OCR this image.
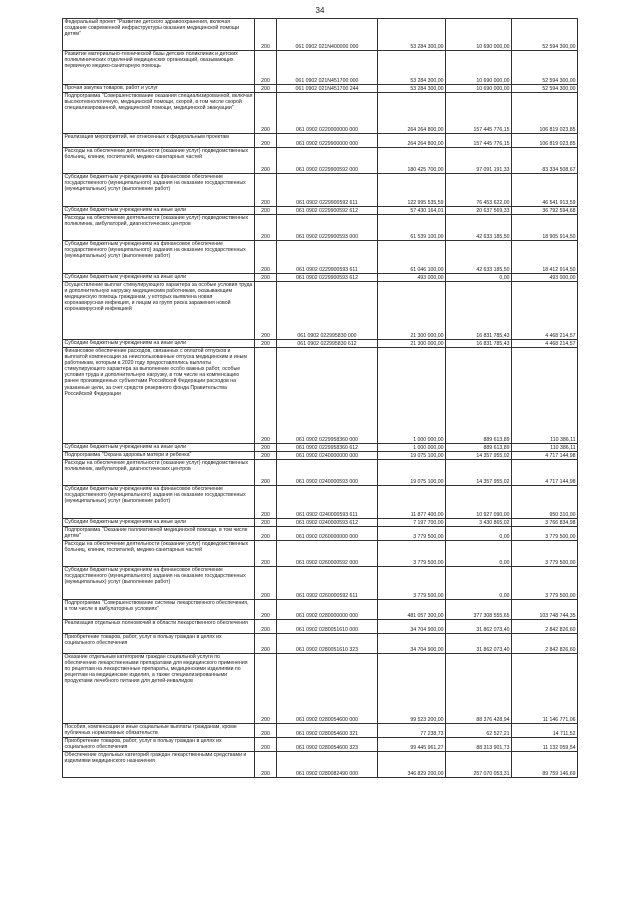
34
Федеральный проект "Развитие детского здравоохранения, включая создание современной инфраструктуры оказания медицинской помощи детям"	200	061 0902 021N400000 000	53 284 300,00	10 690 000,00	52 594 300,00
Развитие материально-технической базы детских поликлиник и детских поликлинических отделений медицинских организаций, оказывающих первичную медико-санитарную помощь	200	061 0902 021N451700 000	53 284 300,00	10 690 000,00	52 594 300,00
Прочая закупка товаров, работ и услуг	200	061 0902 021N451700 244	53 284 300,00	10 690 000,00	52 594 300,00
Подпрограмма "Совершенствование оказания специализированной, включая высокотехнологичную, медицинской помощи, скорой, в том числе скорой специализированной, медицинской помощи, медицинской эвакуации"	200	061 0902 0220000000 000	264 264 800,00	157 445 776,15	106 819 023,85
Реализация мероприятий, не отнесенных к федеральным проектам	200	061 0902 0229900000 000	264 264 800,00	157 445 776,15	106 819 023,85
Расходы на обеспечение деятельности (оказание услуг) подведомственных больниц, клиник, госпиталей, медико-санитарных частей	200	061 0902 0229900592 000	180 425 700,00	97 091 191,33	83 334 508,67
Субсидии бюджетным учреждениям на финансовое обеспечение государственного (муниципального) задания на оказание государственных (муниципальных) услуг (выполнение работ)	200	061 0902 0229900592 611	122 995 535,59	76 453 622,00	46 541 913,59
Субсидии бюджетным учреждениям на иные цели	200	061 0902 0229900592 612	57 430 164,01	20 637 569,33	36 792 594,68
Расходы на обеспечение деятельности (оказание услуг) подведомственных поликлиник, амбулаторий, диагностических центров	200	061 0902 0229900593 000	61 539 100,00	42 633 185,50	18 905 914,50
Субсидии бюджетным учреждениям на финансовое обеспечение государственного (муниципального) задания на оказание государственных (муниципальных) услуг (выполнение работ)	200	061 0902 0229900593 611	61 046 100,00	42 633 185,50	18 412 914,50
Субсидии бюджетным учреждениям на иные цели	200	061 0902 0229900593 612	493 000,00	0,00	493 000,00
Осуществление выплат стимулирующего характера за особые условия труда и дополнительную нагрузку медицинским работникам, оказывающим медицинскую помощь гражданам, у которых выявлена новая коронавирусная инфекция, и лицам из групп риска заражения новой коронавирусной инфекцией	200	061 0902 022995830 000	21 300 000,00	16 831 785,43	4 468 214,57
Субсидии бюджетным учреждениям на иные цели	200	061 0902 022995830 612	21 300 000,00	16 831 785,43	4 468 214,57
Финансовое обеспечение расходов, связанных с оплатой отпусков и выплатой компенсации за неиспользованные отпуска медицинским и иным работникам, которым в 2020 году предоставлялись выплаты стимулирующего характера за выполнение особо важных работ, особые условия труда и дополнительную нагрузку, в том числе на компенсацию ранее произведенных субъектами Российской Федерации расходов на указанные цели, за счет средств резервного фонда Правительства Российской Федерации	200	061 0902 0229958360 000	1 000 000,00	889 613,89	110 386,11
Субсидии бюджетным учреждениям на иные цели	200	061 0902 0229958360 612	1 000 000,00	889 613,89	110 386,11
Подпрограмма "Охрана здоровья матери и ребенка"	200	061 0902 0240000000 000	19 075 100,00	14 357 955,02	4 717 144,98
Расходы на обеспечение деятельности (оказание услуг) подведомственных поликлиник, амбулаторий, диагностических центров	200	061 0902 0240000593 000	19 075 100,00	14 357 955,02	4 717 144,98
Субсидии бюджетным учреждениям на финансовое обеспечение государственного (муниципального) задания на оказание государственных (муниципальных) услуг (выполнение работ)	200	061 0902 0240000593 611	11 877 400,00	10 927 090,00	950 310,00
Субсидии бюджетным учреждениям на иные цели	200	061 0902 0240000593 612	7 197 700,00	3 430 865,02	3 766 834,98
Подпрограмма "Оказание паллиативной медицинской помощи, в том числе детям"	200	061 0902 0260000000 000	3 779 500,00	0,00	3 779 500,00
Расходы на обеспечение деятельности (оказание услуг) подведомственных больниц, клиник, госпиталей, медико-санитарных частей	200	061 0902 0260000592 000	3 779 500,00	0,00	3 779 500,00
Субсидии бюджетным учреждениям на финансовое обеспечение государственного (муниципального) задания на оказание государственных (муниципальных) услуг (выполнение работ)	200	061 0902 0260000592 611	3 779 500,00	0,00	3 779 500,00
Подпрограмма "Совершенствование системы лекарственного обеспечения, в том числе в амбулаторных условиях"	200	061 0902 0280000000 000	481 057 300,00	377 308 555,65	103 748 744,35
Реализация отдельных полномочий в области лекарственного обеспечения	200	061 0902 0280051610 000	34 704 900,00	31 862 073,40	2 842 826,60
Приобретение товаров, работ, услуг в пользу граждан в целях их социального обеспечения	200	061 0902 0280051610 323	34 704 900,00	31 862 073,40	2 842 826,60
Оказание отдельным категориям граждан социальной услуги по обеспечению лекарственными препаратами для медицинского применения по рецептам на лекарственные препараты, медицинскими изделиями по рецептам на медицинские изделия, а также специализированными продуктами лечебного питания для детей-инвалидов	200	061 0902 0280054600 000	99 523 200,00	88 376 428,94	11 146 771,06
Пособия, компенсации и иные социальные выплаты гражданам, кроме публичных нормативных обязательств	200	061 0902 0280054600 321	77 238,73	62 527,21	14 711,52
Приобретение товаров, работ, услуг в пользу граждан в целях их социального обеспечения	200	061 0902 0280054600 323	99 445 961,27	88 313 901,73	11 132 059,54
Обеспечение отдельных категорий граждан лекарственными средствами и изделиями медицинского назначения	200	061 0902 0280082490 000	346 829 200,00	257 070 053,31	89 759 146,69
